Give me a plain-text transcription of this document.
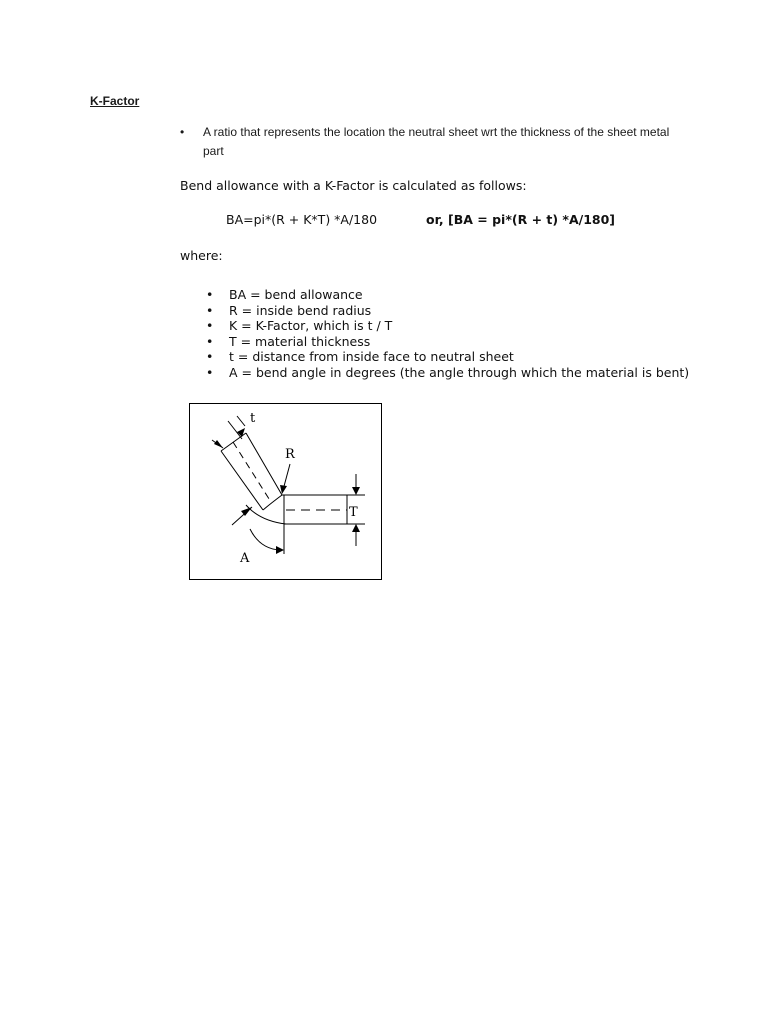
K-Factor
• A ratio that represents the location the neutral sheet wrt the thickness of the sheet metal part
Bend allowance with a K-Factor is calculated as follows:
BA=pi*(R + K*T) *A/180	or, [BA = pi*(R + t) *A/180]
where:
• BA = bend allowance
• R = inside bend radius
• K = K-Factor, which is t / T
• T = material thickness
• t = distance from inside face to neutral sheet
• A = bend angle in degrees (the angle through which the material is bent)
t
R
T
A
